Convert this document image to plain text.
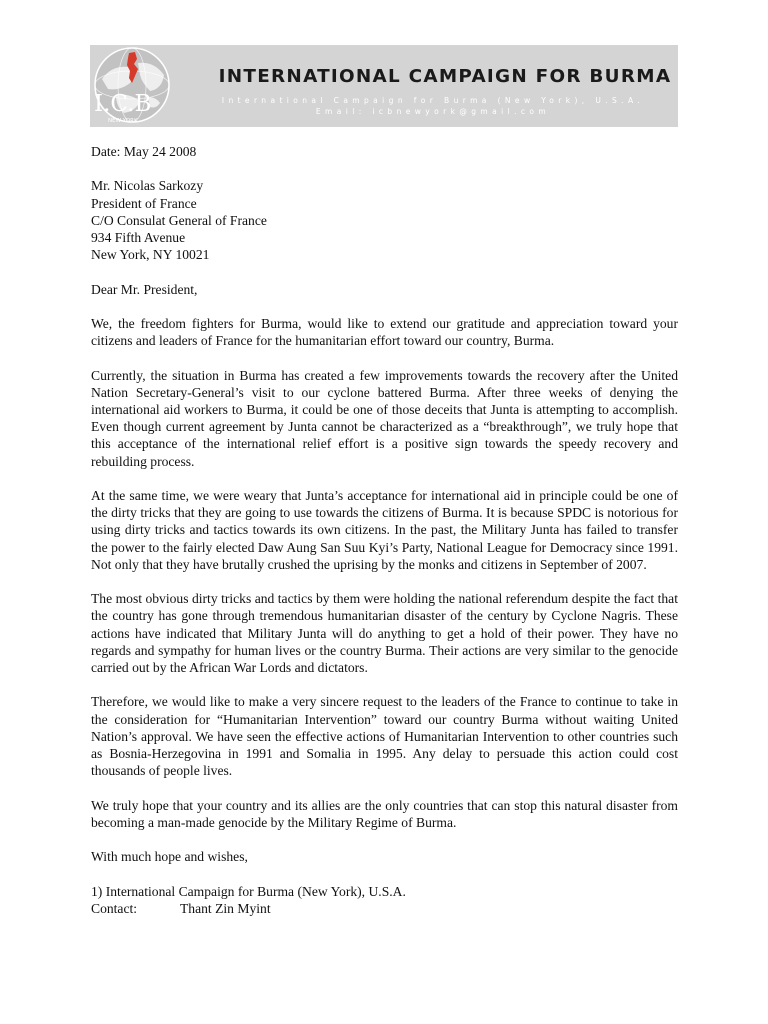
I.C.B
NEW YORK
INTERNATIONAL CAMPAIGN FOR BURMA
International Campaign for Burma (New York), U.S.A.
Email: icbnewyork@gmail.com
Date: May 24 2008
Mr. Nicolas Sarkozy
President of France
C/O Consulat General of France
934 Fifth Avenue
New York, NY 10021
Dear Mr. President,

We, the freedom fighters for Burma, would like to extend our gratitude and appreciation toward your citizens and leaders of France for the humanitarian effort toward our country, Burma.

Currently, the situation in Burma has created a few improvements towards the recovery after the United Nation Secretary-General’s visit to our cyclone battered Burma. After three weeks of denying the international aid workers to Burma, it could be one of those deceits that Junta is attempting to accomplish. Even though current agreement by Junta cannot be characterized as a “breakthrough”, we truly hope that this acceptance of the international relief effort is a positive sign towards the speedy recovery and rebuilding process.

At the same time, we were weary that Junta’s acceptance for international aid in principle could be one of the dirty tricks that they are going to use towards the citizens of Burma. It is because SPDC is notorious for using dirty tricks and tactics towards its own citizens. In the past, the Military Junta has failed to transfer the power to the fairly elected Daw Aung San Suu Kyi’s Party, National League for Democracy since 1991. Not only that they have brutally crushed the uprising by the monks and citizens in September of 2007.

The most obvious dirty tricks and tactics by them were holding the national referendum despite the fact that the country has gone through tremendous humanitarian disaster of the century by Cyclone Nagris. These actions have indicated that Military Junta will do anything to get a hold of their power. They have no regards and sympathy for human lives or the country Burma. Their actions are very similar to the genocide carried out by the African War Lords and dictators.

Therefore, we would like to make a very sincere request to the leaders of the France to continue to take in the consideration for “Humanitarian Intervention” toward our country Burma without waiting United Nation’s approval. We have seen the effective actions of Humanitarian Intervention to other countries such as Bosnia-Herzegovina in 1991 and Somalia in 1995. Any delay to persuade this action could cost thousands of people lives.

We truly hope that your country and its allies are the only countries that can stop this natural disaster from becoming a man-made genocide by the Military Regime of Burma.

With much hope and wishes,
1) International Campaign for Burma (New York), U.S.A.
Contact:	Thant Zin Myint
